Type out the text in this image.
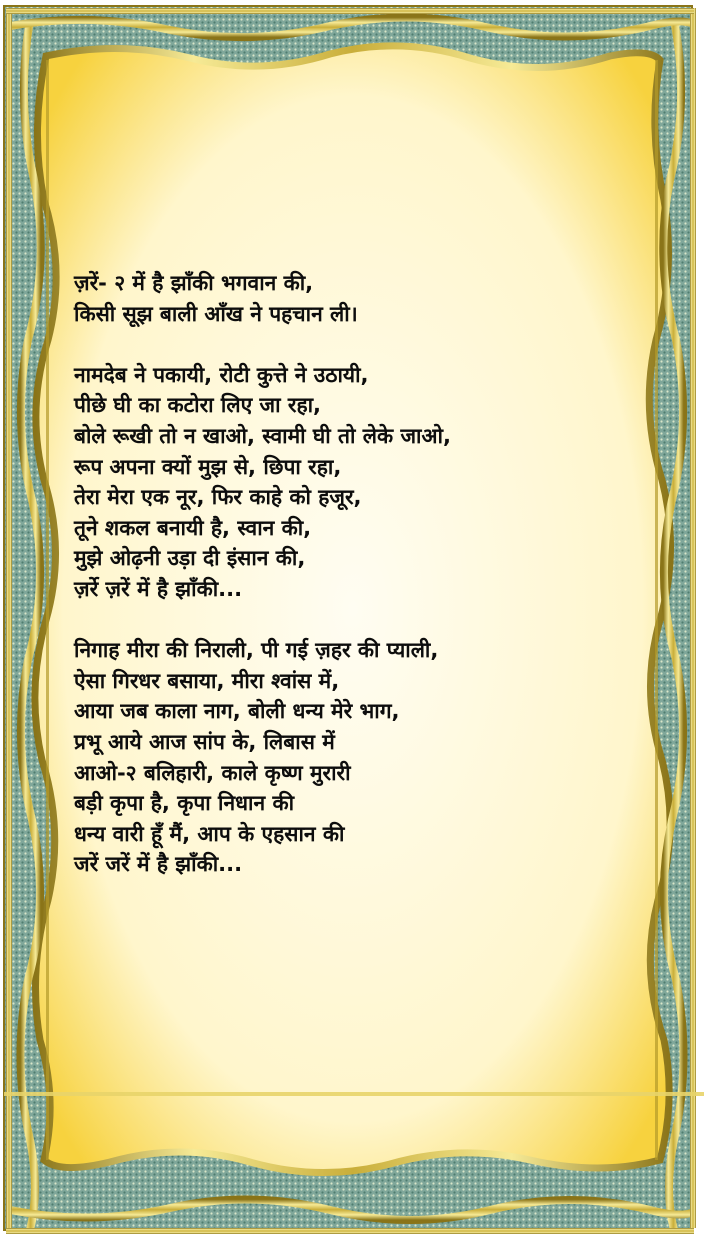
ज़रें- २ में है झाँकी भगवान की,
किसी सूझ बाली आँख ने पहचान ली।
नामदेब ने पकायी, रोटी कुत्ते ने उठायी,
पीछे घी का कटोरा लिए जा रहा,
बोले रूखी तो न खाओ, स्वामी घी तो लेके जाओ,
रूप अपना क्यों मुझ से, छिपा रहा,
तेरा मेरा एक नूर, फिर काहे को हजूर,
तूने शकल बनायी है, स्वान की,
मुझे ओढ़नी उड़ा दी इंसान की,
ज़र्रे ज़रें में है झाँकी...
निगाह मीरा की निराली, पी गई ज़हर की प्याली,
ऐसा गिरधर बसाया, मीरा श्वांस में,
आया जब काला नाग, बोली धन्य मेरे भाग,
प्रभू आये आज सांप के, लिबास में
आओ-२ बलिहारी, काले कृष्ण मुरारी
बड़ी कृपा है, कृपा निधान की
धन्य वारी हूँ मैं, आप के एहसान की
जरें जरें में है झाँकी...
